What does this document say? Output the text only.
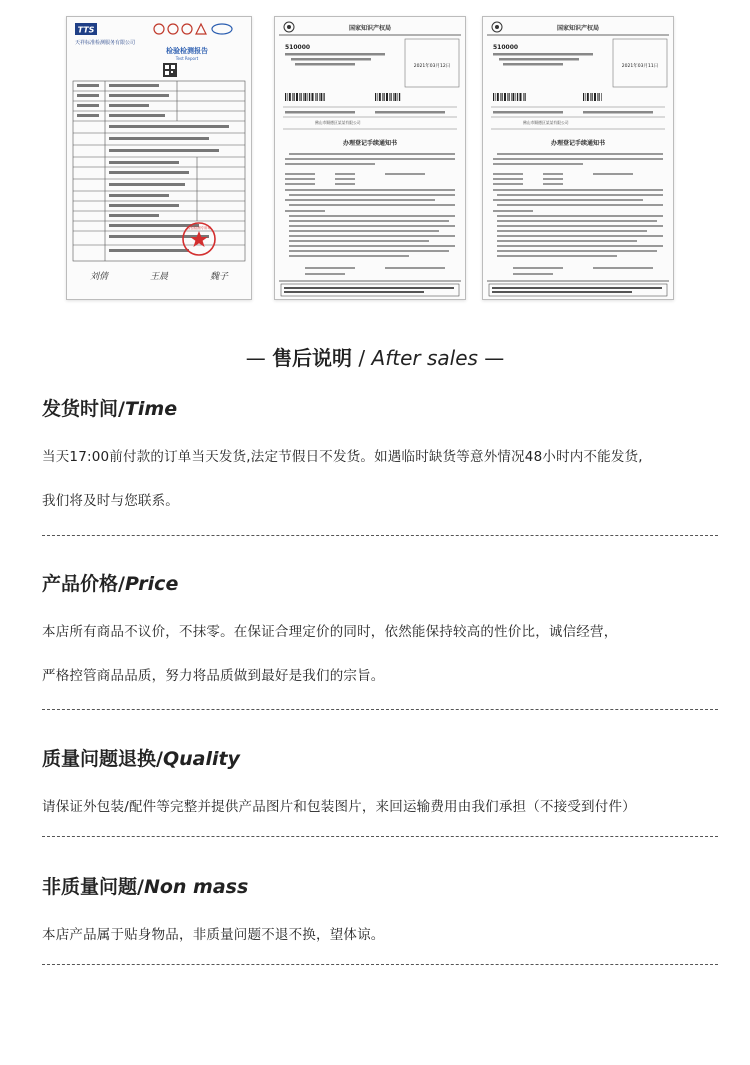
TTS
天祥标准检测服务有限公司
检验检测报告
Test Report
检验检测专用章
刘倩	王晨	魏子
国家知识产权局
510000
2021年03月12日
佛山市顺德区某某有限公司
办理登记手续通知书
国家知识产权局
510000
2021年03月11日
佛山市顺德区某某有限公司
办理登记手续通知书
— 售后说明 / After sales —
发货时间/Time

当天17:00前付款的订单当天发货,法定节假日不发货。如遇临时缺货等意外情况48小时内不能发货,

我们将及时与您联系。

产品价格/Price

本店所有商品不议价，不抹零。在保证合理定价的同时，依然能保持较高的性价比，诚信经营，

严格控管商品品质，努力将品质做到最好是我们的宗旨。

质量问题退换/Quality

请保证外包装/配件等完整并提供产品图片和包装图片，来回运输费用由我们承担（不接受到付件）

非质量问题/Non mass

本店产品属于贴身物品，非质量问题不退不换，望体谅。
